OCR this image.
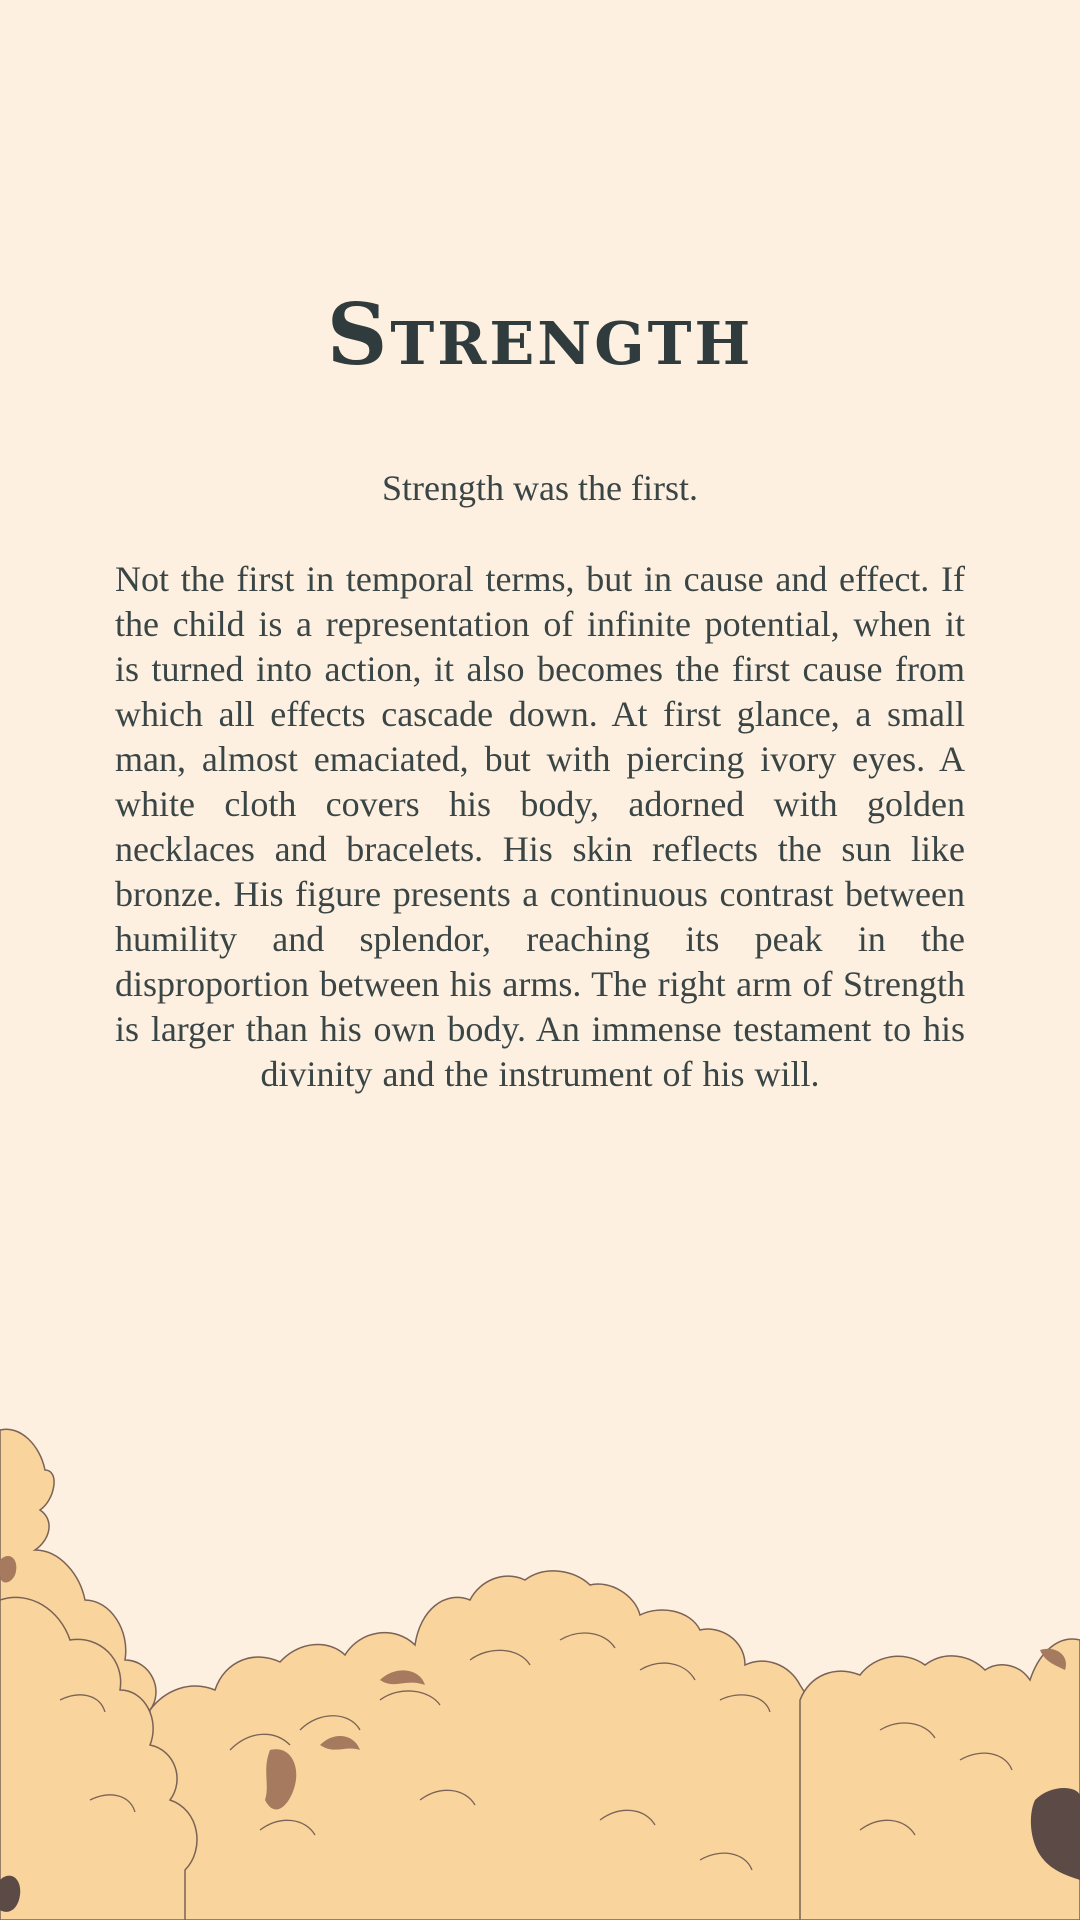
Strength

Strength was the first.

Not the first in temporal terms, but in cause and effect. If the child is a representation of infinite potential, when it is turned into action, it also becomes the first cause from which all effects cascade down. At first glance, a small man, almost emaciated, but with piercing ivory eyes. A white cloth covers his body, adorned with golden necklaces and bracelets. His skin reflects the sun like bronze. His figure presents a continuous contrast between humility and splendor, reaching its peak in the disproportion between his arms. The right arm of Strength is larger than his own body. An immense testament to his divinity and the instrument of his will.
